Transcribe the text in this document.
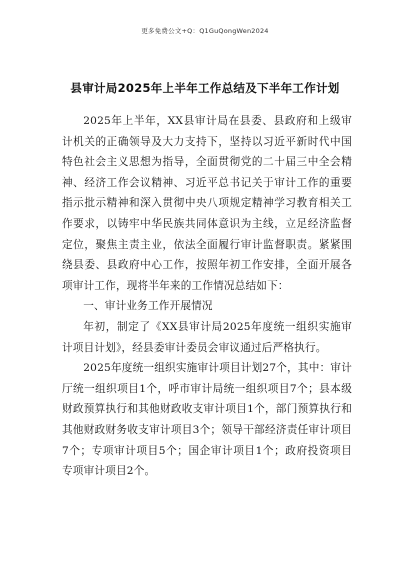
更多免费公文+Q：Q1GuQongWen2024
县审计局2025年上半年工作总结及下半年工作计划

2025年上半年，XX县审计局在县委、县政府和上级审计机关的正确领导及大力支持下，坚持以习近平新时代中国特色社会主义思想为指导，全面贯彻党的二十届三中全会精神、经济工作会议精神、习近平总书记关于审计工作的重要指示批示精神和深入贯彻中央八项规定精神学习教育相关工作要求，以铸牢中华民族共同体意识为主线，立足经济监督定位，聚焦主责主业，依法全面履行审计监督职责。紧紧围绕县委、县政府中心工作，按照年初工作安排，全面开展各项审计工作，现将半年来的工作情况总结如下：

一、审计业务工作开展情况

年初，制定了《XX县审计局2025年度统一组织实施审计项目计划》，经县委审计委员会审议通过后严格执行。

2025年度统一组织实施审计项目计划27个，其中：审计厅统一组织项目1个，呼市审计局统一组织项目7个；县本级财政预算执行和其他财政收支审计项目1个，部门预算执行和其他财政财务收支审计项目3个；领导干部经济责任审计项目7个；专项审计项目5个；国企审计项目1个；政府投资项目专项审计项目2个。
